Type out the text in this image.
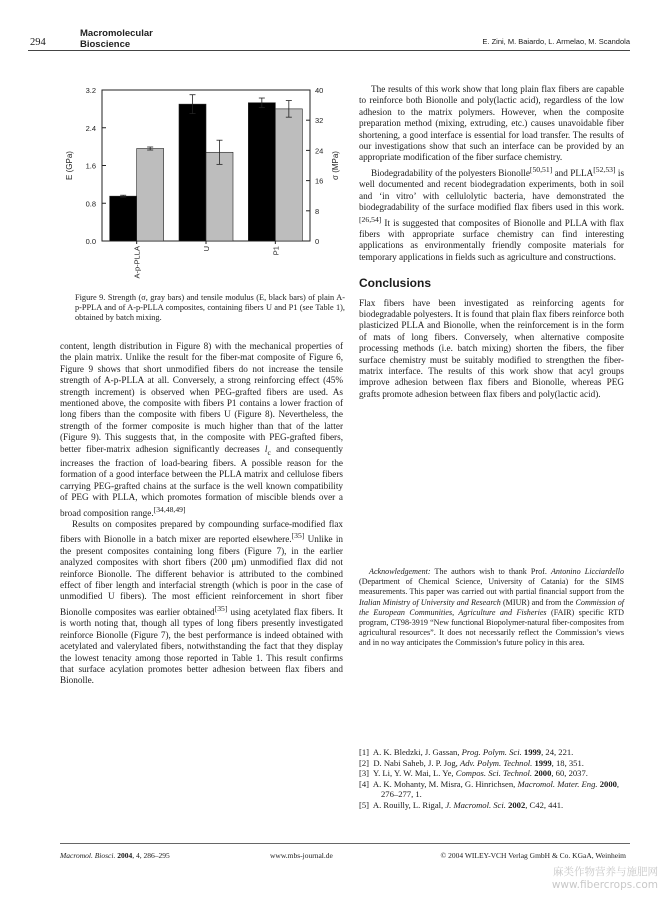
294
Macromolecular
Bioscience	E. Zini, M. Baiardo, L. Armelao, M. Scandola
0.0
0.8
1.6
2.4
3.2
0
8
16
24
32
40
E (GPa)	σ (MPa)
A-p-PLLA	U	P1
Figure 9. Strength (σ, gray bars) and tensile modulus (E, black bars) of plain A-p-PPLA and of A-p-PLLA composites, containing fibers U and P1 (see Table 1), obtained by batch mixing.

content, length distribution in Figure 8) with the mechanical properties of the plain matrix. Unlike the result for the fiber-mat composite of Figure 6, Figure 9 shows that short unmodified fibers do not increase the tensile strength of A-p-PLLA at all. Conversely, a strong reinforcing effect (45% strength increment) is observed when PEG-grafted fibers are used. As mentioned above, the composite with fibers P1 contains a lower fraction of long fibers than the composite with fibers U (Figure 8). Nevertheless, the strength of the former composite is much higher than that of the latter (Figure 9). This suggests that, in the composite with PEG-grafted fibers, better fiber-matrix adhesion significantly decreases $l_c$ and consequently increases the fraction of load-bearing fibers. A possible reason for the formation of a good interface between the PLLA matrix and cellulose fibers carrying PEG-grafted chains at the surface is the well known compatibility of PEG with PLLA, which promotes formation of miscible blends over a broad composition range.[34,48,49]

Results on composites prepared by compounding surface-modified flax fibers with Bionolle in a batch mixer are reported elsewhere.[35] Unlike in the present composites containing long fibers (Figure 7), in the earlier analyzed composites with short fibers (200 μm) unmodified flax did not reinforce Bionolle. The different behavior is attributed to the combined effect of fiber length and interfacial strength (which is poor in the case of unmodified U fibers). The most efficient reinforcement in short fiber Bionolle composites was earlier obtained[35] using acetylated flax fibers. It is worth noting that, though all types of long fibers presently investigated reinforce Bionolle (Figure 7), the best performance is indeed obtained with acetylated and valerylated fibers, notwithstanding the fact that they display the lowest tenacity among those reported in Table 1. This result confirms that surface acylation promotes better adhesion between flax fibers and Bionolle.

The results of this work show that long plain flax fibers are capable to reinforce both Bionolle and poly(lactic acid), regardless of the low adhesion to the matrix polymers. However, when the composite preparation method (mixing, extruding, etc.) causes unavoidable fiber shortening, a good interface is essential for load transfer. The results of our investigations show that such an interface can be provided by an appropriate modification of the fiber surface chemistry.

Biodegradability of the polyesters Bionolle[50,51] and PLLA[52,53] is well documented and recent biodegradation experiments, both in soil and ‘in vitro’ with cellulolytic bacteria, have demonstrated the biodegradability of the surface modified flax fibers used in this work.[26,54] It is suggested that composites of Bionolle and PLLA with flax fibers with appropriate surface chemistry can find interesting applications as environmentally friendly composite materials for temporary applications in fields such as agriculture and constructions.

Conclusions

Flax fibers have been investigated as reinforcing agents for biodegradable polyesters. It is found that plain flax fibers reinforce both plasticized PLLA and Bionolle, when the reinforcement is in the form of mats of long fibers. Conversely, when alternative composite processing methods (i.e. batch mixing) shorten the fibers, the fiber surface chemistry must be suitably modified to strengthen the fiber-matrix interface. The results of this work show that acyl groups improve adhesion between flax fibers and Bionolle, whereas PEG grafts promote adhesion between flax fibers and poly(lactic acid).

Acknowledgement: The authors wish to thank Prof. Antonino Licciardello (Department of Chemical Science, University of Catania) for the SIMS measurements. This paper was carried out with partial financial support from the Italian Ministry of University and Research (MIUR) and from the Commission of the European Communities, Agriculture and Fisheries (FAIR) specific RTD program, CT98-3919 “New functional Biopolymer-natural fiber-composites from agricultural resources”. It does not necessarily reflect the Commission’s views and in no way anticipates the Commission’s future policy in this area.
[1] A. K. Bledzki, J. Gassan, Prog. Polym. Sci. 1999, 24, 221.
[2] D. Nabi Saheb, J. P. Jog, Adv. Polym. Technol. 1999, 18, 351.
[3] Y. Li, Y. W. Mai, L. Ye, Compos. Sci. Technol. 2000, 60, 2037.
[4] A. K. Mohanty, M. Misra, G. Hinrichsen, Macromol. Mater. Eng. 2000, 276–277, 1.
[5] A. Rouilly, L. Rigal, J. Macromol. Sci. 2002, C42, 441.
Macromol. Biosci. 2004, 4, 286–295	www.mbs-journal.de	© 2004 WILEY-VCH Verlag GmbH & Co. KGaA, Weinheim
麻类作物营养与施肥网
www.fibercrops.com
